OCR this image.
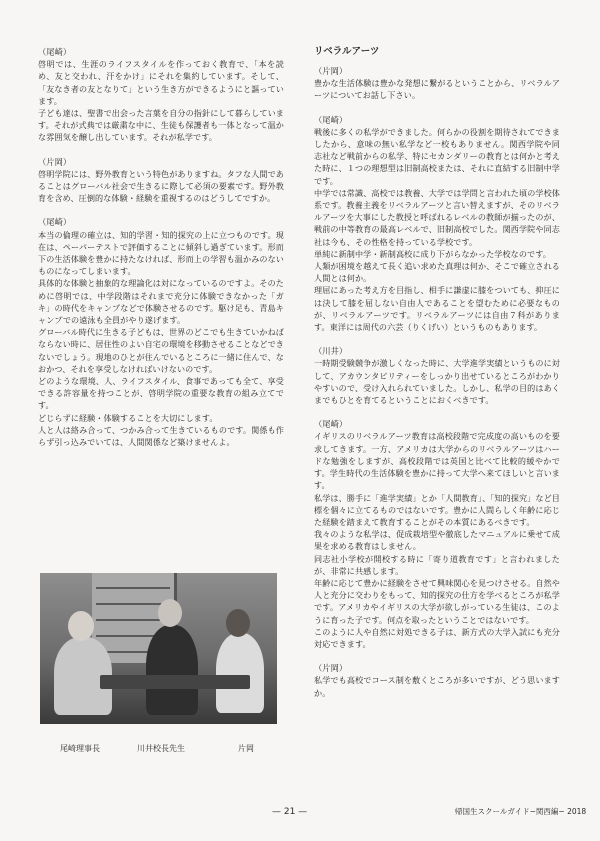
（尾崎）

啓明では、生涯のライフスタイルを作っておく教育で、「本を読め、友と交われ、汗をかけ」にそれを集約しています。そして、「友なき者の友となりて」という生き方ができるようにと謳っています。
子ども達は、聖書で出会った言葉を自分の指針にして暮らしています。それが式典では厳粛な中に、生徒も保護者も一体となって温かな雰囲気を醸し出しています。それが私学です。

（片岡）

啓明学院には、野外教育という特色がありますね。タフな人間であることはグローバル社会で生きるに際して必須の要素です。野外教育を含め、圧倒的な体験・経験を重視するのはどうしてですか。

（尾崎）

本当の倫理の確立は、知的学習・知的探究の上に立つものです。現在は、ペーパーテストで評価することに傾斜し過ぎています。形而下の生活体験を豊かに持たなければ、形而上の学習も温かみのないものになってしまいます。
具体的な体験と抽象的な理論化は対になっているのですよ。そのために啓明では、中学段階はそれまで充分に体験できなかった「ガキ」の時代をキャンプなどで体験させるのです。駆け足も、青島キャンプでの遠泳も全員がやり遂げます。
グローバル時代に生きる子どもは、世界のどこでも生きていかねばならない時に、居住性のよい自宅の環境を移動させることなどできないでしょう。現地のひとが住んでいるところに一緒に住んで、なおかつ、それを享受しなければいけないのです。
どのような環境、人、ライフスタイル、食事であっても全て、享受できる許容量を持つことが、啓明学院の重要な教育の組み立てです。
どじらずに経験・体験することを大切にします。
人と人は絡み合って、つかみ合って生きているものです。関係も作らず引っ込みでいては、人間関係など築けませんよ。

リベラルアーツ

（片岡）

豊かな生活体験は豊かな発想に繋がるということから、リベラルアーツについてお話し下さい。

（尾崎）

戦後に多くの私学ができました。何らかの役割を期待されてできましたから、意味の無い私学など一校もありません。関西学院や同志社など戦前からの私学、特にセカンダリーの教育とは何かと考えた時に、１つの理想型は旧制高校または、それに直結する旧制中学です。
中学では常識、高校では教養、大学では学問と言われた頃の学校体系です。教養主義をリベラルアーツと言い替えますが、そのリベラルアーツを大事にした教授と呼ばれるレベルの教師が揃ったのが、戦前の中等教育の最高レベルで、旧制高校でした。関西学院や同志社は今も、その性格を持っている学校です。
単純に新制中学・新制高校に成り下がらなかった学校なのです。
人類が困境を越えて長く追い求めた真理は何か、そこで確立される人間とは何か。
理屈にあった考え方を目指し、相手に謙虚に膝をついても、抑圧には決して膝を屈しない自由人であることを望むために必要なものが、リベラルアーツです。リベラルアーツには自由７科があります。東洋には周代の六芸（りくげい）というものもあります。

（川井）

一時期受験競争が激しくなった時に、大学進学実績というものに対して、アカウンタビリティーをしっかり出せているところがわかりやすいので、受け入れられていました。しかし、私学の目的はあくまでもひとを育てるということにおくべきです。

（尾崎）

イギリスのリベラルアーツ教育は高校段階で完成度の高いものを要求してきます。一方、アメリカは大学からのリベラルアーツはハードな勉強をしますが、高校段階では英国と比べて比較的緩やかです。学生時代の生活体験を豊かに持って大学へ来てほしいと言います。
私学は、勝手に「進学実績」とか「人間教育」、「知的探究」など目標を個々に立てるものではないです。豊かに人間らしく年齢に応じた経験を踏まえて教育することがその本質にあるべきです。
我々のような私学は、促成栽培型や徹底したマニュアルに乗せて成果を求める教育はしません。
同志社小学校が開校する時に「寄り道教育です」と言われましたが、非常に共感します。
年齢に応じて豊かに経験をさせて興味関心を見つけさせる。自然や人と充分に交わりをもって、知的探究の仕方を学べるところが私学です。アメリカやイギリスの大学が欲しがっている生徒は、このように育った子です。何点を取ったということではないです。
このように人や自然に対処できる子は、新方式の大学入試にも充分対応できます。

（片岡）

私学でも高校でコース制を敷くところが多いですが、どう思いますか。

尾崎理事長	川井校長先生	片岡
— 21 —	帰国生スクールガイド−関西編− 2018
